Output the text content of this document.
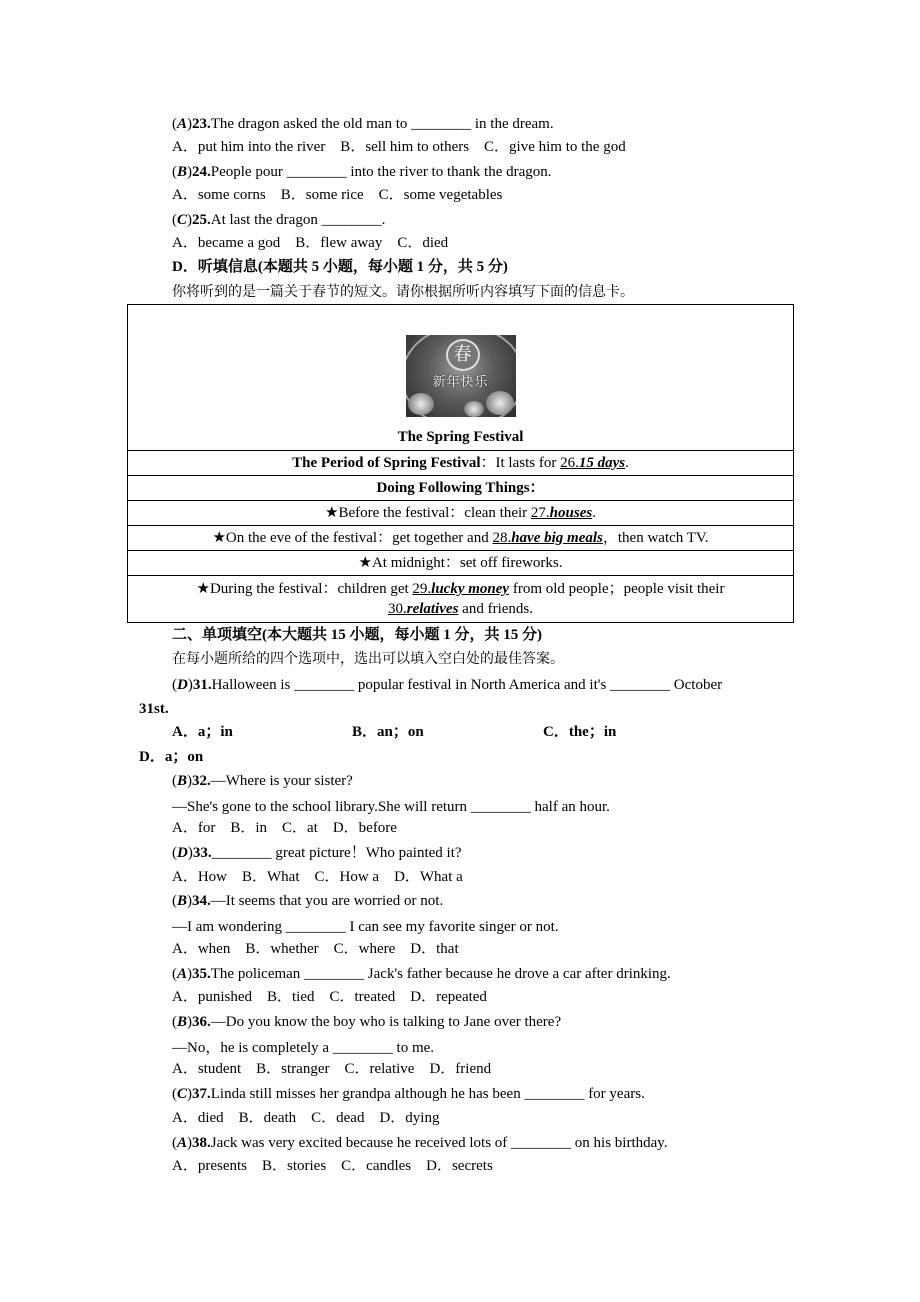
(A)23.The dragon asked the old man to ________ in the dream.
A．put him into the river　B．sell him to others　C．give him to the god
(B)24.People pour ________ into the river to thank the dragon.
A．some corns　B．some rice　C．some vegetables
(C)25.At last the dragon ________.
A．became a god　B．flew away　C．died
D．听填信息(本题共 5 小题，每小题 1 分，共 5 分)
你将听到的是一篇关于春节的短文。请你根据所听内容填写下面的信息卡。
春
新年快乐
The Spring Festival

The Period of Spring Festival：It lasts for 26.15 days.
Doing Following Things：
★Before the festival：clean their 27.houses.
★On the eve of the festival：get together and 28.have big meals，then watch TV.
★At midnight：set off fireworks.

★During the festival：children get 29.lucky money from old people；people visit their
30.relatives and friends.
二、单项填空(本大题共 15 小题，每小题 1 分，共 15 分)
在每小题所给的四个选项中，选出可以填入空白处的最佳答案。
(D)31.Halloween is ________ popular festival in North America and it's ________ October
31st.
A．a；in	B．an；on	C．the；in
D．a；on
(B)32.—Where is your sister?
—She's gone to the school library.She will return ________ half an hour.
A．for　B．in　C．at　D．before
(D)33.________ great picture！Who painted it?
A．How　B．What　C．How a　D．What a
(B)34.—It seems that you are worried or not.
—I am wondering ________ I can see my favorite singer or not.
A．when　B．whether　C．where　D．that
(A)35.The policeman ________ Jack's father because he drove a car after drinking.
A．punished　B．tied　C．treated　D．repeated
(B)36.—Do you know the boy who is talking to Jane over there?
—No，he is completely a ________ to me.
A．student　B．stranger　C．relative　D．friend
(C)37.Linda still misses her grandpa although he has been ________ for years.
A．died　B．death　C．dead　D．dying
(A)38.Jack was very excited because he received lots of ________ on his birthday.
A．presents　B．stories　C．candles　D．secrets
